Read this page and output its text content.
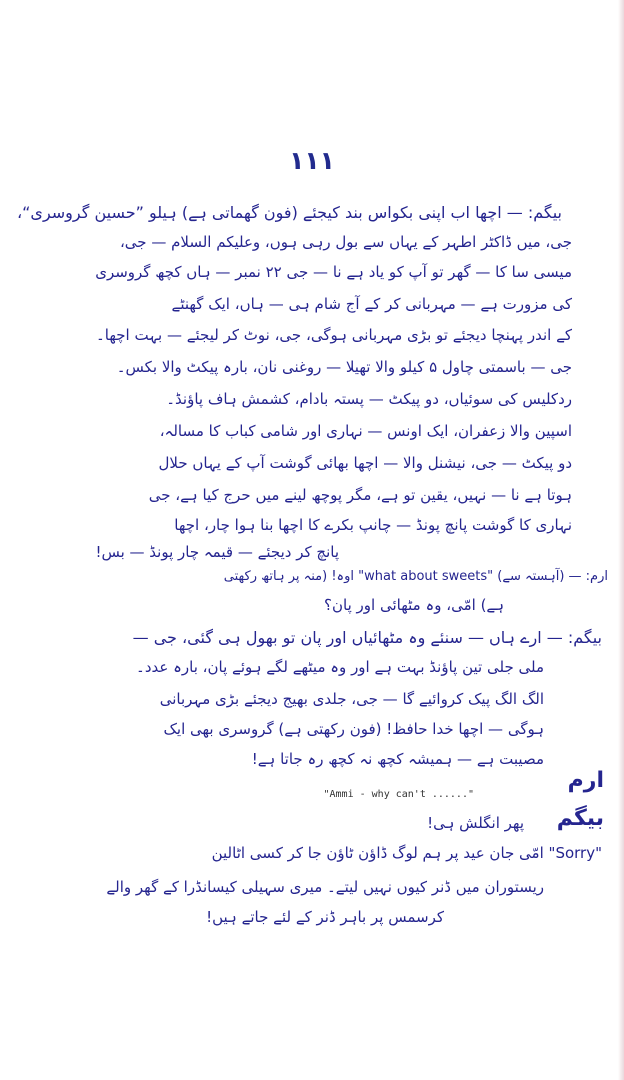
۱۱۱
بیگم: — اچھا اب اپنی بکواس بند کیجئے (فون گھماتی ہے) ہیلو ”حسین گروسری“،
جی، میں ڈاکٹر اطہر کے یہاں سے بول رہی ہوں، وعلیکم السلام — جی،
میسی سا کا — گھر تو آپ کو یاد ہے نا — جی ۲۲ نمبر — ہاں کچھ گروسری
کی مزورت ہے — مہربانی کر کے آج شام ہی — ہاں، ایک گھنٹے
کے اندر پہنچا دیجئے تو بڑی مہربانی ہوگی، جی، نوٹ کر لیجئے — بہت اچھا۔
جی — باسمتی چاول ۵ کیلو والا تھیلا — روغنی نان، بارہ پیکٹ والا بکس۔
ردکلیس کی سوئیاں، دو پیکٹ — پستہ بادام، کشمش ہاف پاؤنڈ۔
اسپین والا زعفران، ایک اونس — نہاری اور شامی کباب کا مسالہ،
دو پیکٹ — جی، نیشنل والا — اچھا بھائی گوشت آپ کے یہاں حلال
ہوتا ہے نا — نہیں، یقین تو ہے، مگر پوچھ لینے میں حرج کیا ہے، جی
نہاری کا گوشت پانچ پونڈ — چانپ بکرے کا اچھا بنا ہوا چار، اچھا
پانچ کر دیجئے — قیمہ چار پونڈ — بس!
ارم: — (آہستہ سے) "what about sweets" اوہ! (منہ پر ہاتھ رکھتی
ہے) امّی، وہ مٹھائی اور پان؟
بیگم: — ارے ہاں — سنئے وہ مٹھائیاں اور پان تو بھول ہی گئی، جی —
ملی جلی تین پاؤنڈ بہت ہے اور وہ میٹھے لگے ہوئے پان، بارہ عدد۔
الگ الگ پیک کروائیے گا — جی، جلدی بھیج دیجئے بڑی مہربانی
ہوگی — اچھا خدا حافظ! (فون رکھتی ہے) گروسری بھی ایک
مصیبت ہے — ہمیشہ کچھ نہ کچھ رہ جاتا ہے!
ارم
"Ammi - why can't ......"
بیگم
پھر انگلش ہی!
"Sorry" امّی جان عید پر ہم لوگ ڈاؤن ٹاؤن جا کر کسی اٹالین
ریستوران میں ڈنر کیوں نہیں لیتے۔ میری سہیلی کیسانڈرا کے گھر والے
کرسمس پر باہر ڈنر کے لئے جاتے ہیں!
